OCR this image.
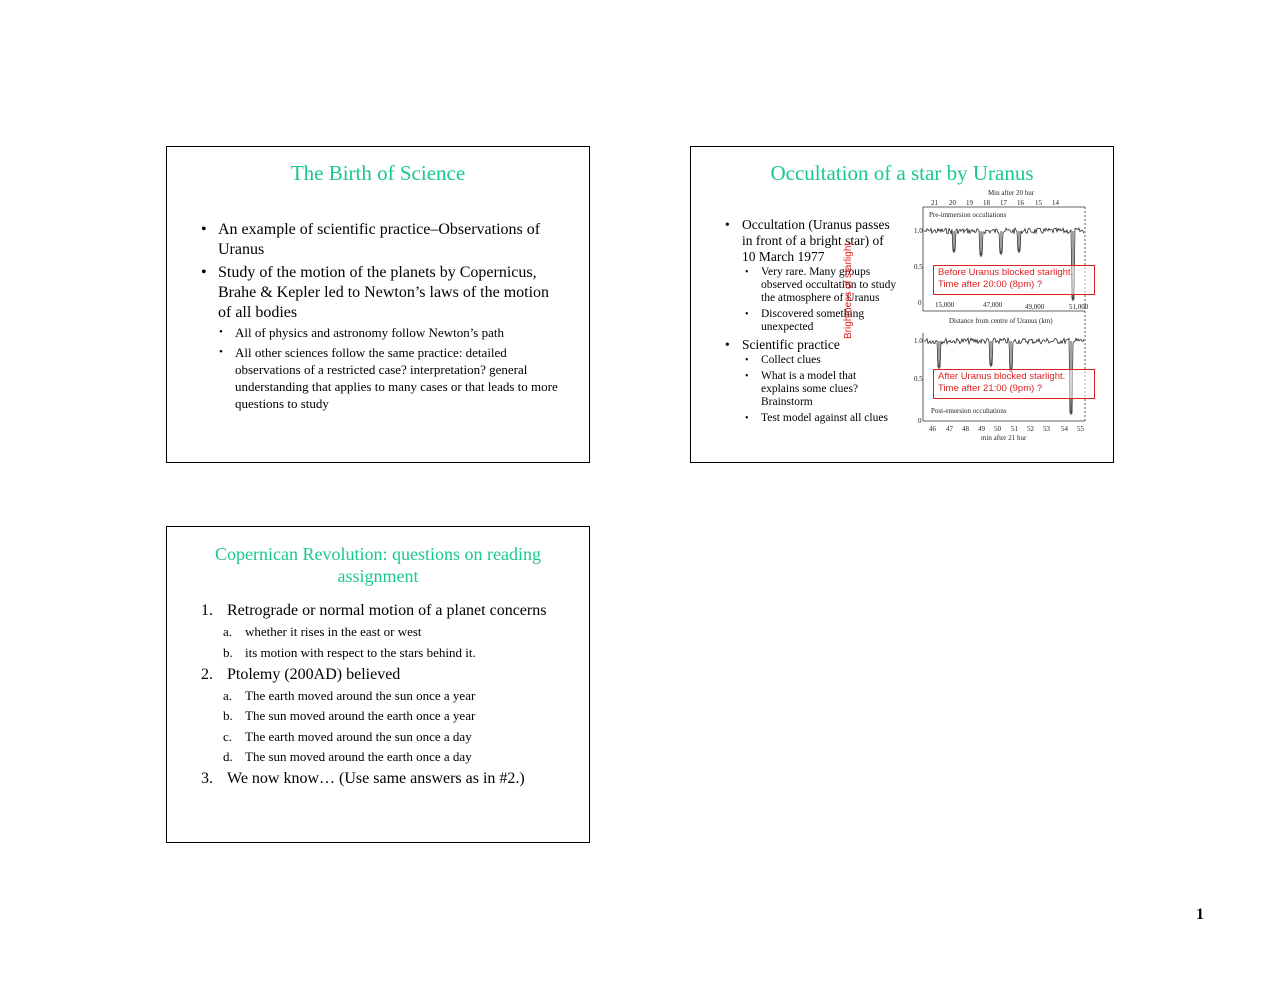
The Birth of Science
• An example of scientific practice–Observations of Uranus
• Study of the motion of the planets by Copernicus, Brahe & Kepler led to Newton’s laws of the motion of all bodies
• All of physics and astronomy follow Newton’s path
• All other sciences follow the same practice: detailed observations of a restricted case? interpretation? general understanding that applies to many cases or that leads to more questions to study
Occultation of a star by Uranus
• Occultation (Uranus passes in front of a bright star) of 10 March 1977
• Very rare. Many groups observed occultation to study the atmosphere of Uranus
• Discovered something unexpected
• Scientific practice
• Collect clues
• What is a model that explains some clues? Brainstorm
• Test model against all clues
Min after 20 hur
21 20 19 18 17 16 15 14
Pre-immersion occultations
1.0
0.5
0 15,000	47,000	49,000	51,000
Distance from centre of Uranus (km)
1.0
0.5
0
Post-emersion occultations
46 47 48 49 50 51 52 53 54 55
min after 21 hur
Brightness of starlight	Before Uranus blocked starlight.
Time after 20:00 (8pm) ?
After Uranus blocked starlight.
Time after 21:00 (9pm) ?
Copernican Revolution: questions on reading assignment
1. Retrograde or normal motion of a planet concerns
a. whether it rises in the east or west
b. its motion with respect to the stars behind it.
2. Ptolemy (200AD) believed
a. The earth moved around the sun once a year
b. The sun moved around the earth once a year
c. The earth moved around the sun once a day
d. The sun moved around the earth once a day
3. We now know… (Use same answers as in #2.)
1
